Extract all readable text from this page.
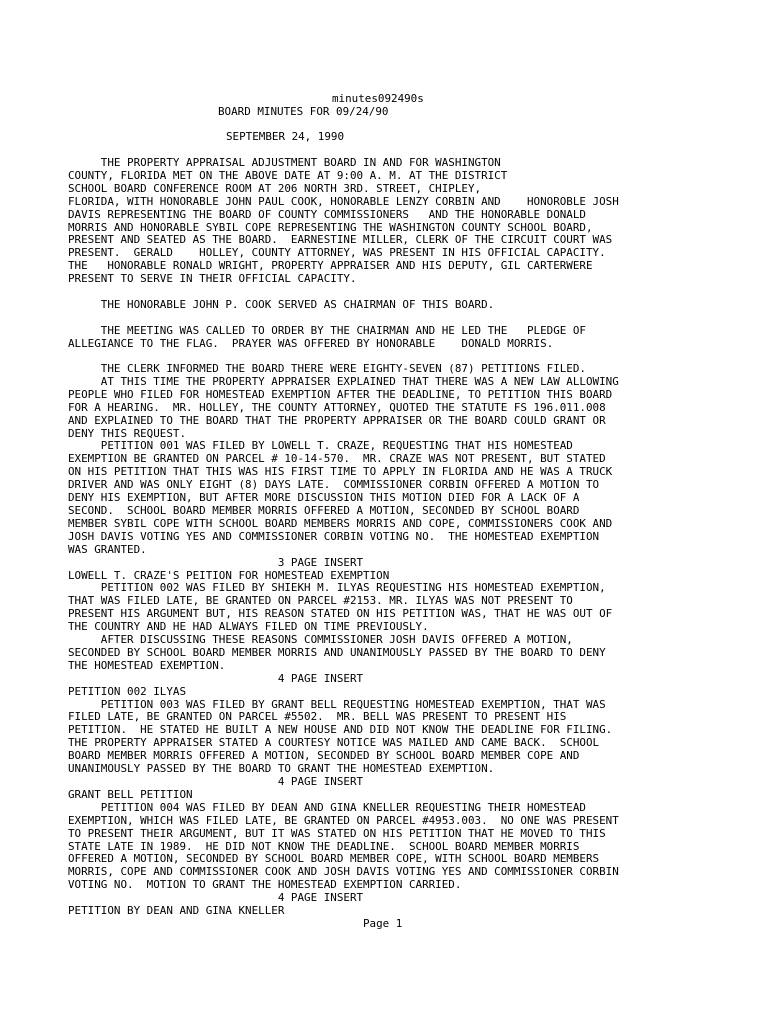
minutes092490s
BOARD MINUTES FOR 09/24/90
SEPTEMBER 24, 1990
THE PROPERTY APPRAISAL ADJUSTMENT BOARD IN AND FOR WASHINGTON
COUNTY, FLORIDA MET ON THE ABOVE DATE AT 9:00 A. M. AT THE DISTRICT
SCHOOL BOARD CONFERENCE ROOM AT 206 NORTH 3RD. STREET, CHIPLEY,
FLORIDA, WITH HONORABLE JOHN PAUL COOK, HONORABLE LENZY CORBIN AND    HONOROBLE JOSH
DAVIS REPRESENTING THE BOARD OF COUNTY COMMISSIONERS   AND THE HONORABLE DONALD
MORRIS AND HONORABLE SYBIL COPE REPRESENTING THE WASHINGTON COUNTY SCHOOL BOARD,
PRESENT AND SEATED AS THE BOARD.  EARNESTINE MILLER, CLERK OF THE CIRCUIT COURT WAS
PRESENT.  GERALD    HOLLEY, COUNTY ATTORNEY, WAS PRESENT IN HIS OFFICIAL CAPACITY.
THE   HONORABLE RONALD WRIGHT, PROPERTY APPRAISER AND HIS DEPUTY, GIL CARTERWERE
PRESENT TO SERVE IN THEIR OFFICIAL CAPACITY.
THE HONORABLE JOHN P. COOK SERVED AS CHAIRMAN OF THIS BOARD.
THE MEETING WAS CALLED TO ORDER BY THE CHAIRMAN AND HE LED THE   PLEDGE OF
ALLEGIANCE TO THE FLAG.  PRAYER WAS OFFERED BY HONORABLE    DONALD MORRIS.
THE CLERK INFORMED THE BOARD THERE WERE EIGHTY-SEVEN (87) PETITIONS FILED.
AT THIS TIME THE PROPERTY APPRAISER EXPLAINED THAT THERE WAS A NEW LAW ALLOWING
PEOPLE WHO FILED FOR HOMESTEAD EXEMPTION AFTER THE DEADLINE, TO PETITION THIS BOARD
FOR A HEARING.  MR. HOLLEY, THE COUNTY ATTORNEY, QUOTED THE STATUTE FS 196.011.008
AND EXPLAINED TO THE BOARD THAT THE PROPERTY APPRAISER OR THE BOARD COULD GRANT OR
DENY THIS REQUEST.
PETITION 001 WAS FILED BY LOWELL T. CRAZE, REQUESTING THAT HIS HOMESTEAD
EXEMPTION BE GRANTED ON PARCEL # 10-14-570.  MR. CRAZE WAS NOT PRESENT, BUT STATED
ON HIS PETITION THAT THIS WAS HIS FIRST TIME TO APPLY IN FLORIDA AND HE WAS A TRUCK
DRIVER AND WAS ONLY EIGHT (8) DAYS LATE.  COMMISSIONER CORBIN OFFERED A MOTION TO
DENY HIS EXEMPTION, BUT AFTER MORE DISCUSSION THIS MOTION DIED FOR A LACK OF A
SECOND.  SCHOOL BOARD MEMBER MORRIS OFFERED A MOTION, SECONDED BY SCHOOL BOARD
MEMBER SYBIL COPE WITH SCHOOL BOARD MEMBERS MORRIS AND COPE, COMMISSIONERS COOK AND
JOSH DAVIS VOTING YES AND COMMISSIONER CORBIN VOTING NO.  THE HOMESTEAD EXEMPTION
WAS GRANTED.
3 PAGE INSERT
LOWELL T. CRAZE'S PEITION FOR HOMESTEAD EXEMPTION
PETITION 002 WAS FILED BY SHIEKH M. ILYAS REQUESTING HIS HOMESTEAD EXEMPTION,
THAT WAS FILED LATE, BE GRANTED ON PARCEL #2153. MR. ILYAS WAS NOT PRESENT TO
PRESENT HIS ARGUMENT BUT, HIS REASON STATED ON HIS PETITION WAS, THAT HE WAS OUT OF
THE COUNTRY AND HE HAD ALWAYS FILED ON TIME PREVIOUSLY.
AFTER DISCUSSING THESE REASONS COMMISSIONER JOSH DAVIS OFFERED A MOTION,
SECONDED BY SCHOOL BOARD MEMBER MORRIS AND UNANIMOUSLY PASSED BY THE BOARD TO DENY
THE HOMESTEAD EXEMPTION.
4 PAGE INSERT
PETITION 002 ILYAS
PETITION 003 WAS FILED BY GRANT BELL REQUESTING HOMESTEAD EXEMPTION, THAT WAS
FILED LATE, BE GRANTED ON PARCEL #5502.  MR. BELL WAS PRESENT TO PRESENT HIS
PETITION.  HE STATED HE BUILT A NEW HOUSE AND DID NOT KNOW THE DEADLINE FOR FILING.
THE PROPERTY APPRAISER STATED A COURTESY NOTICE WAS MAILED AND CAME BACK.  SCHOOL
BOARD MEMBER MORRIS OFFERED A MOTION, SECONDED BY SCHOOL BOARD MEMBER COPE AND
UNANIMOUSLY PASSED BY THE BOARD TO GRANT THE HOMESTEAD EXEMPTION.
4 PAGE INSERT
GRANT BELL PETITION
PETITION 004 WAS FILED BY DEAN AND GINA KNELLER REQUESTING THEIR HOMESTEAD
EXEMPTION, WHICH WAS FILED LATE, BE GRANTED ON PARCEL #4953.003.  NO ONE WAS PRESENT
TO PRESENT THEIR ARGUMENT, BUT IT WAS STATED ON HIS PETITION THAT HE MOVED TO THIS
STATE LATE IN 1989.  HE DID NOT KNOW THE DEADLINE.  SCHOOL BOARD MEMBER MORRIS
OFFERED A MOTION, SECONDED BY SCHOOL BOARD MEMBER COPE, WITH SCHOOL BOARD MEMBERS
MORRIS, COPE AND COMMISSIONER COOK AND JOSH DAVIS VOTING YES AND COMMISSIONER CORBIN
VOTING NO.  MOTION TO GRANT THE HOMESTEAD EXEMPTION CARRIED.
4 PAGE INSERT
PETITION BY DEAN AND GINA KNELLER
Page 1
